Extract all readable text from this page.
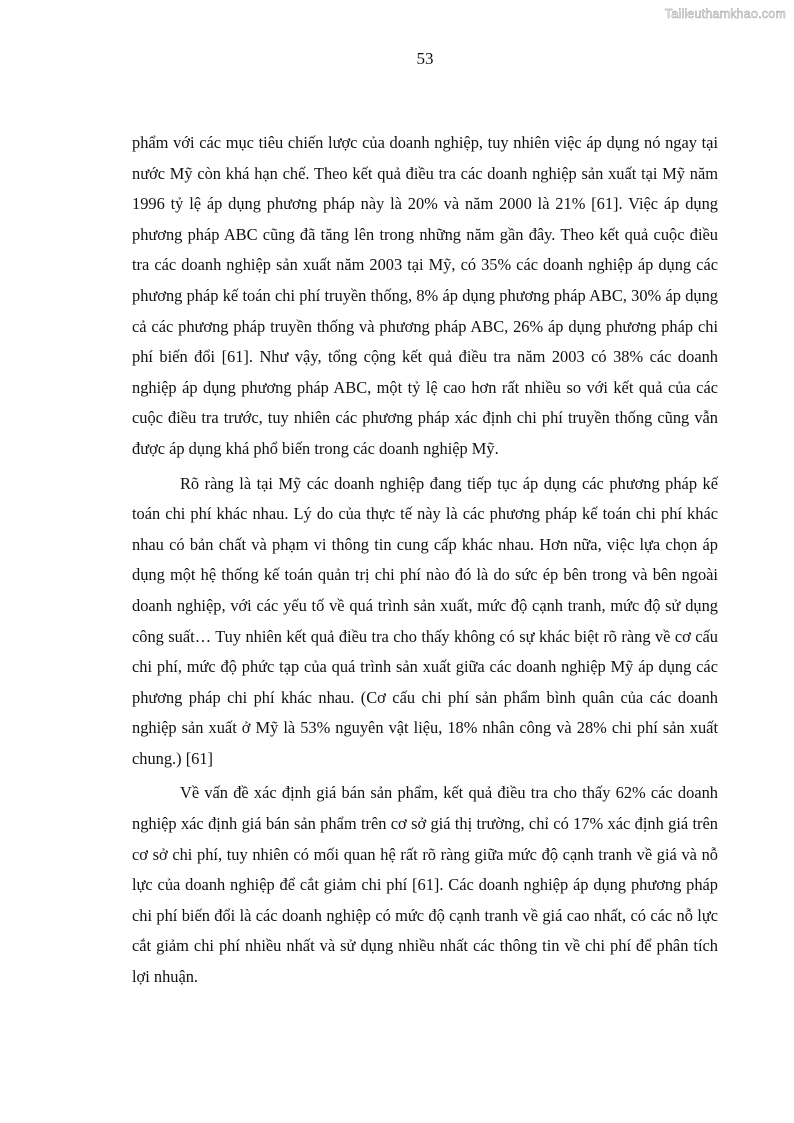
Tailieuthamkhao.com
53

phẩm với các mục tiêu chiến lược của doanh nghiệp, tuy nhiên việc áp dụng nó ngay tại nước Mỹ còn khá hạn chế. Theo kết quả điều tra các doanh nghiệp sản xuất tại Mỹ năm 1996 tỷ lệ áp dụng phương pháp này là 20% và năm 2000 là 21% [61]. Việc áp dụng phương pháp ABC cũng đã tăng lên trong những năm gần đây. Theo kết quả cuộc điều tra các doanh nghiệp sản xuất năm 2003 tại Mỹ, có 35% các doanh nghiệp áp dụng các phương pháp kế toán chi phí truyền thống, 8% áp dụng phương pháp ABC, 30% áp dụng cả các phương pháp truyền thống và phương pháp ABC, 26% áp dụng phương pháp chi phí biến đổi [61]. Như vậy, tổng cộng kết quả điều tra năm 2003 có 38% các doanh nghiệp áp dụng phương pháp ABC, một tỷ lệ cao hơn rất nhiều so với kết quả của các cuộc điều tra trước, tuy nhiên các phương pháp xác định chi phí truyền thống cũng vẫn được áp dụng khá phổ biến trong các doanh nghiệp Mỹ.

Rõ ràng là tại Mỹ các doanh nghiệp đang tiếp tục áp dụng các phương pháp kế toán chi phí khác nhau. Lý do của thực tế này là các phương pháp kế toán chi phí khác nhau có bản chất và phạm vi thông tin cung cấp khác nhau. Hơn nữa, việc lựa chọn áp dụng một hệ thống kế toán quản trị chi phí nào đó là do sức ép bên trong và bên ngoài doanh nghiệp, với các yếu tố về quá trình sản xuất, mức độ cạnh tranh, mức độ sử dụng công suất… Tuy nhiên kết quả điều tra cho thấy không có sự khác biệt rõ ràng về cơ cấu chi phí, mức độ phức tạp của quá trình sản xuất giữa các doanh nghiệp Mỹ áp dụng các phương pháp chi phí khác nhau. (Cơ cấu chi phí sản phẩm bình quân của các doanh nghiệp sản xuất ở Mỹ là 53% nguyên vật liệu, 18% nhân công và 28% chi phí sản xuất chung.) [61]

Về vấn đề xác định giá bán sản phẩm, kết quả điều tra cho thấy 62% các doanh nghiệp xác định giá bán sản phẩm trên cơ sở giá thị trường, chỉ có 17% xác định giá trên cơ sở chi phí, tuy nhiên có mối quan hệ rất rõ ràng giữa mức độ cạnh tranh về giá và nỗ lực của doanh nghiệp để cắt giảm chi phí [61]. Các doanh nghiệp áp dụng phương pháp chi phí biến đổi là các doanh nghiệp có mức độ cạnh tranh về giá cao nhất, có các nỗ lực cắt giảm chi phí nhiều nhất và sử dụng nhiều nhất các thông tin về chi phí để phân tích lợi nhuận.
